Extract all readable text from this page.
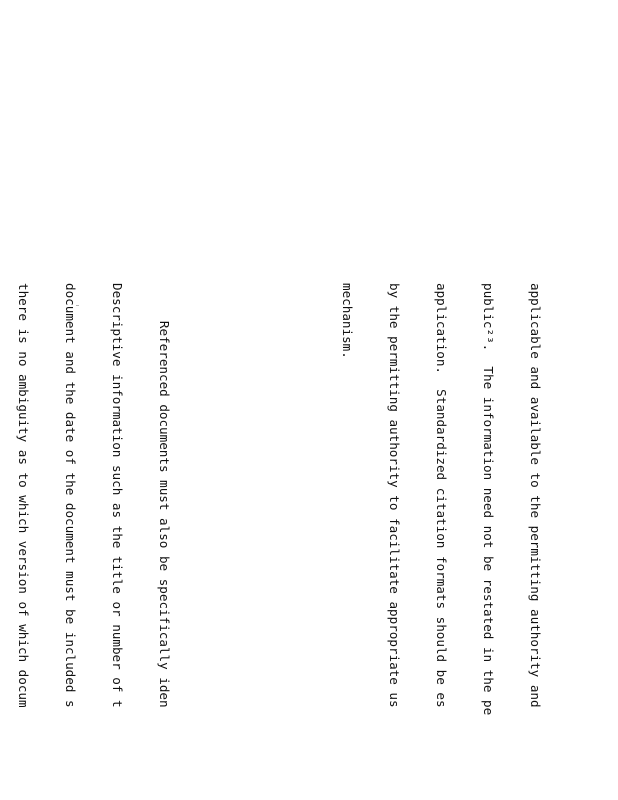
applicable and available to the permitting authority and

public²³.  The information need not be restated in the pe

application.  Standardized citation formats should be es

by the permitting authority to facilitate appropriate us

mechanism.

Referenced documents must also be specifically iden

Descriptive information such as the title or number of t

document and the date of the document must be included s

there is no ambiguity as to which version of which docum
